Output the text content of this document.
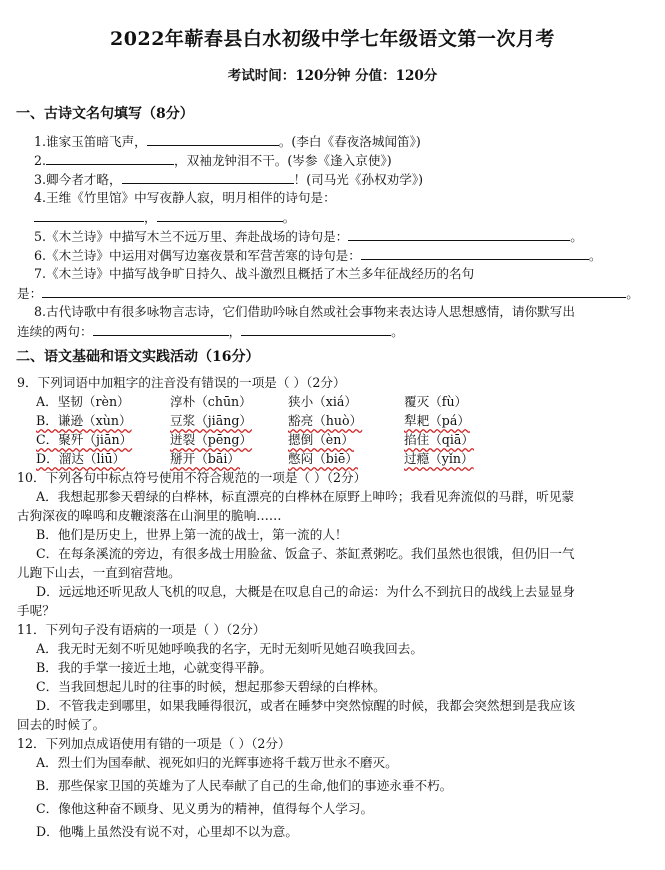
2022年蕲春县白水初级中学七年级语文第一次月考
考试时间：120分钟 分值：120分
一、古诗文名句填写（8分）
1.谁家玉笛暗飞声，	。(李白《春夜洛城闻笛》)
2.	，双袖龙钟泪不干。(岑参《逢入京使》)
3.卿今者才略，	！(司马光《孙权劝学》)
4.王维《竹里馆》中写夜静人寂，明月相伴的诗句是：
，	。
5.《木兰诗》中描写木兰不远万里、奔赴战场的诗句是：	。
6.《木兰诗》中运用对偶写边塞夜景和军营苦寒的诗句是：	。
7.《木兰诗》中描写战争旷日持久、战斗激烈且概括了木兰多年征战经历的名句
是：	。
8.古代诗歌中有很多咏物言志诗，它们借助吟咏自然或社会事物来表达诗人思想感情，请你默写出
连续的两句：	，	。
二、语文基础和语文实践活动（16分）
9．下列词语中加粗字的注音没有错误的一项是（ ）（2分）
A．坚韧（rèn）	淳朴（chūn）	狭小（xiá）	覆灭（fù）
B．谦逊（xùn）	豆浆（jiāng）	豁亮（huò）	犁耙（pá）
C．聚歼（jiān）	迸裂（pēng）	摁倒（èn）	掐住（qiā）
D．溜达（liū）	掰开（bāi）	憋闷（biē）	过瘾（yǐn）
10．下列各句中标点符号使用不符合规范的一项是（ ）（2分）
A．我想起那参天碧绿的白桦林，标直漂亮的白桦林在原野上呻吟；我看见奔流似的马群，听见蒙
古狗深夜的嗥鸣和皮鞭滚落在山涧里的脆响……
B．他们是历史上，世界上第一流的战士，第一流的人！
C．在每条溪流的旁边，有很多战士用脸盆、饭盒子、茶缸煮粥吃。我们虽然也很饿，但仍旧一气
儿跑下山去，一直到宿营地。
D．远远地还听见敌人飞机的叹息，大概是在叹息自己的命运：为什么不到抗日的战线上去显显身
手呢？
11．下列句子没有语病的一项是（ ）（2分）
A．我无时无刻不听见她呼唤我的名字，无时无刻听见她召唤我回去。
B．我的手掌一接近土地，心就变得平静。
C．当我回想起儿时的往事的时候，想起那参天碧绿的白桦林。
D．不管我走到哪里，如果我睡得很沉，或者在睡梦中突然惊醒的时候，我都会突然想到是我应该
回去的时候了。
12．下列加点成语使用有错的一项是（ ）（2分）
A．烈士们为国奉献、视死如归的光辉事迹将千载万世永不磨灭。
B．那些保家卫国的英雄为了人民奉献了自己的生命,他们的事迹永垂不朽。
C．像他这种奋不顾身、见义勇为的精神，值得每个人学习。
D．他嘴上虽然没有说不对，心里却不以为意。
